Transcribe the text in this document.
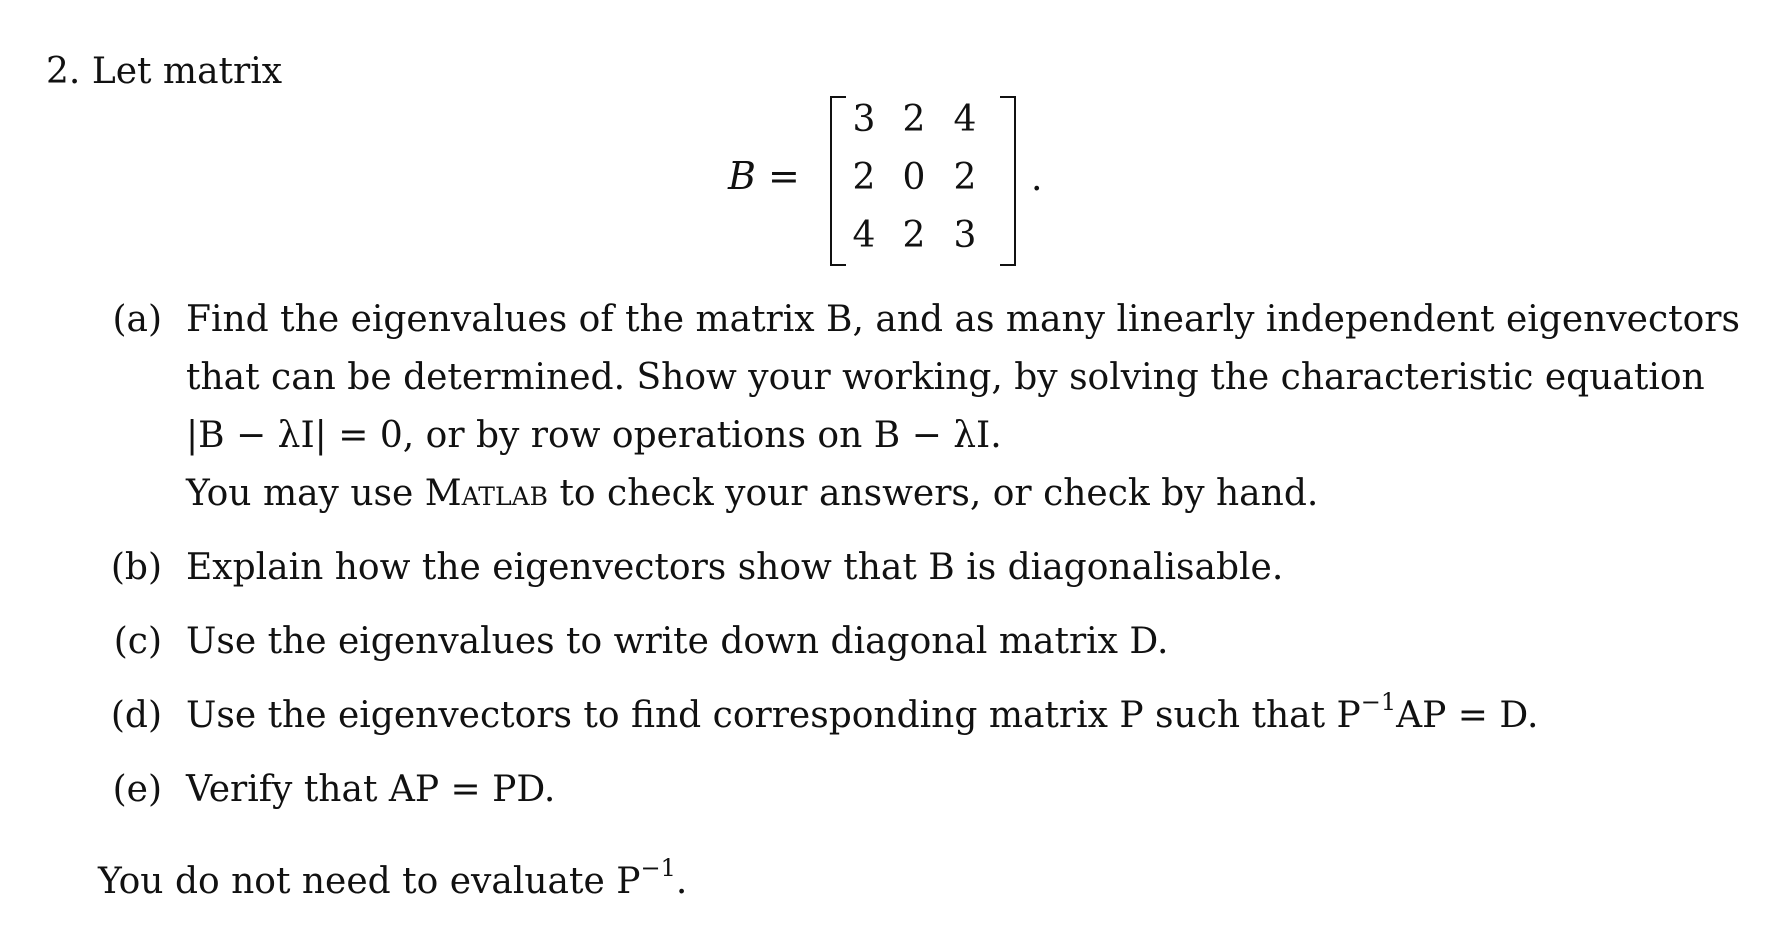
2. Let matrix
B =
3 2 4
2 0 2
4 2 3
.
(a) Find the eigenvalues of the matrix B, and as many linearly independent eigenvectors
that can be determined. Show your working, by solving the characteristic equation
|B − λI| = 0, or by row operations on B − λI.
You may use Matlab to check your answers, or check by hand.
(b) Explain how the eigenvectors show that B is diagonalisable.
(c) Use the eigenvalues to write down diagonal matrix D.
(d) Use the eigenvectors to find corresponding matrix P such that $P^{-1}AP = D$.
(e) Verify that AP = PD.
You do not need to evaluate $P^{-1}$.
